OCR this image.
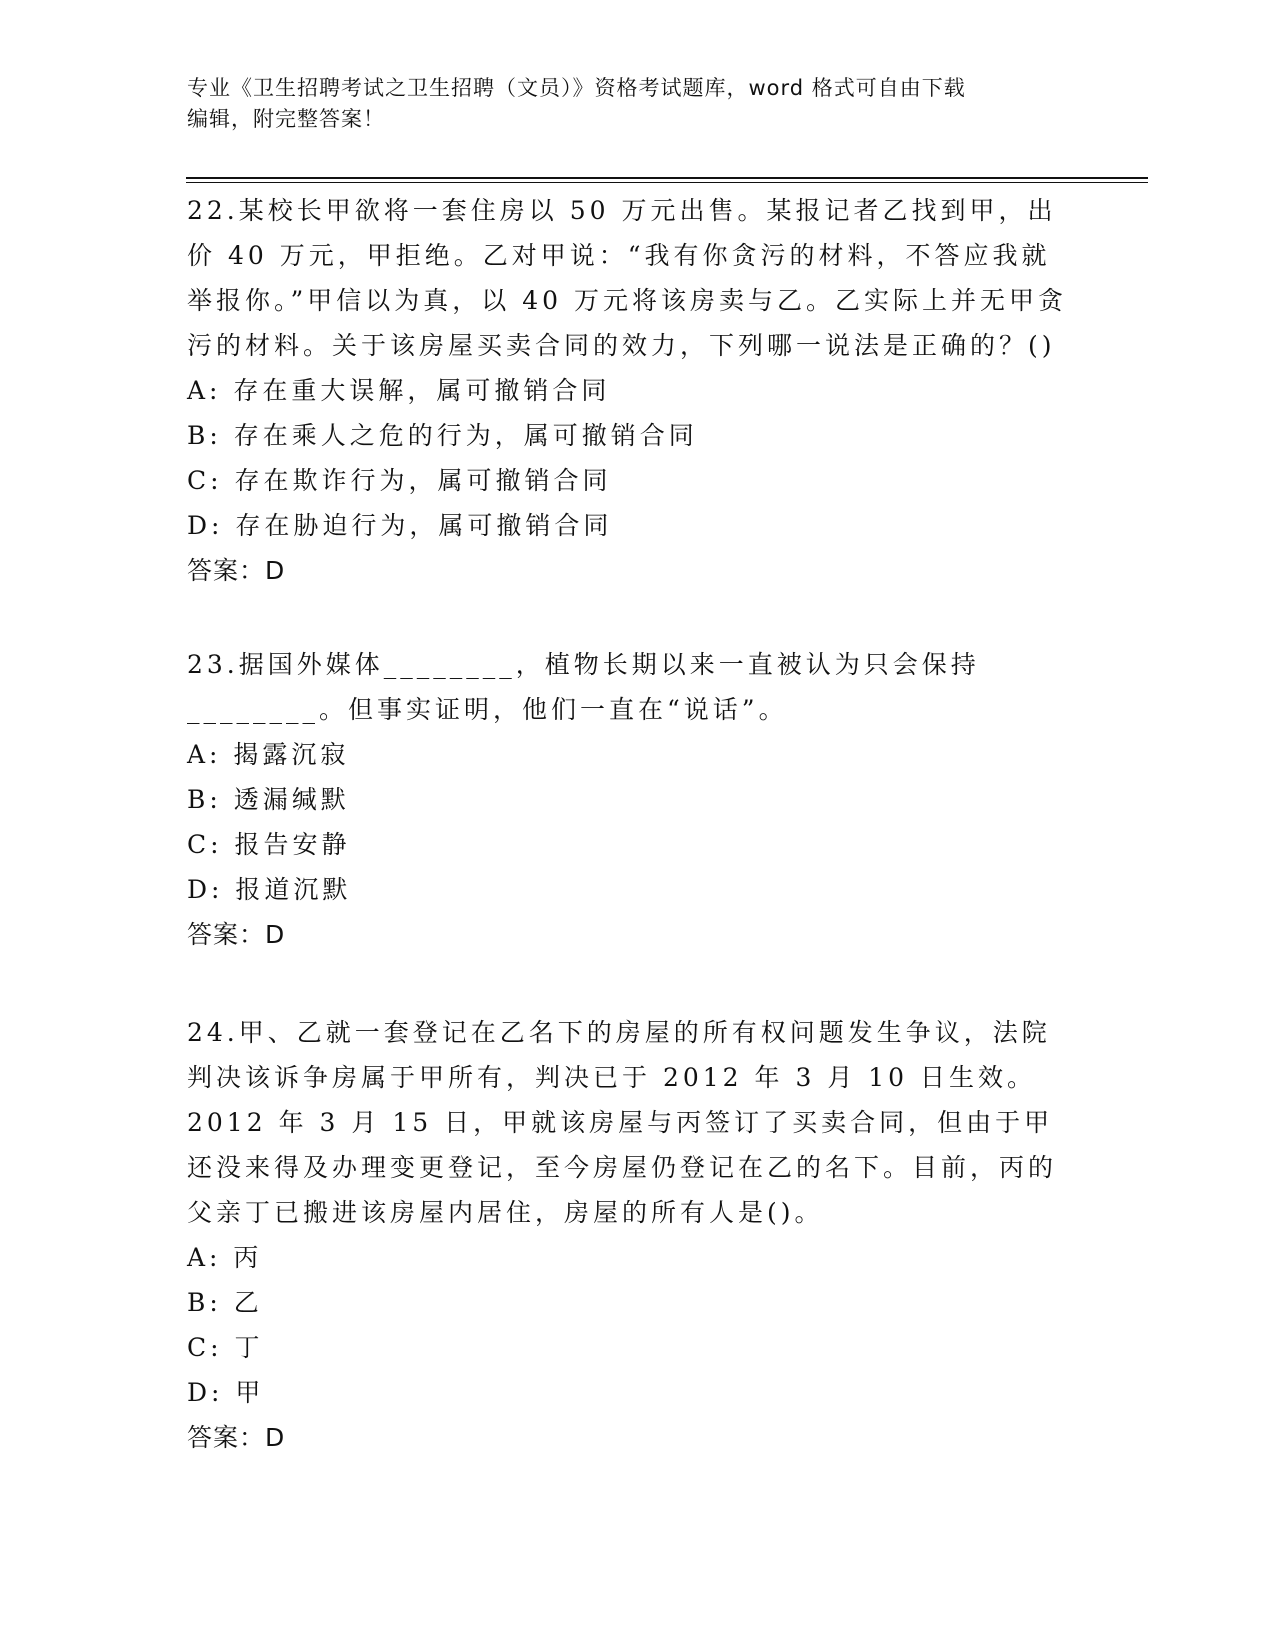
专业《卫生招聘考试之卫生招聘（文员）》资格考试题库，word 格式可自由下载
编辑，附完整答案！

22.某校长甲欲将一套住房以 50 万元出售。某报记者乙找到甲，出价 40 万元，甲拒绝。乙对甲说：“我有你贪污的材料，不答应我就举报你。”甲信以为真，以 40 万元将该房卖与乙。乙实际上并无甲贪污的材料。关于该房屋买卖合同的效力，下列哪一说法是正确的？()

A: 存在重大误解，属可撤销合同

B: 存在乘人之危的行为，属可撤销合同

C: 存在欺诈行为，属可撤销合同

D: 存在胁迫行为，属可撤销合同

答案：D

23.据国外媒体________，植物长期以来一直被认为只会保持________。但事实证明，他们一直在“说话”。

A: 揭露沉寂

B: 透漏缄默

C: 报告安静

D: 报道沉默

答案：D

24.甲、乙就一套登记在乙名下的房屋的所有权问题发生争议，法院判决该诉争房属于甲所有，判决已于 2012 年 3 月 10 日生效。2012 年 3 月 15 日，甲就该房屋与丙签订了买卖合同，但由于甲还没来得及办理变更登记，至今房屋仍登记在乙的名下。目前，丙的父亲丁已搬进该房屋内居住，房屋的所有人是()。

A: 丙

B: 乙

C: 丁

D: 甲

答案：D
